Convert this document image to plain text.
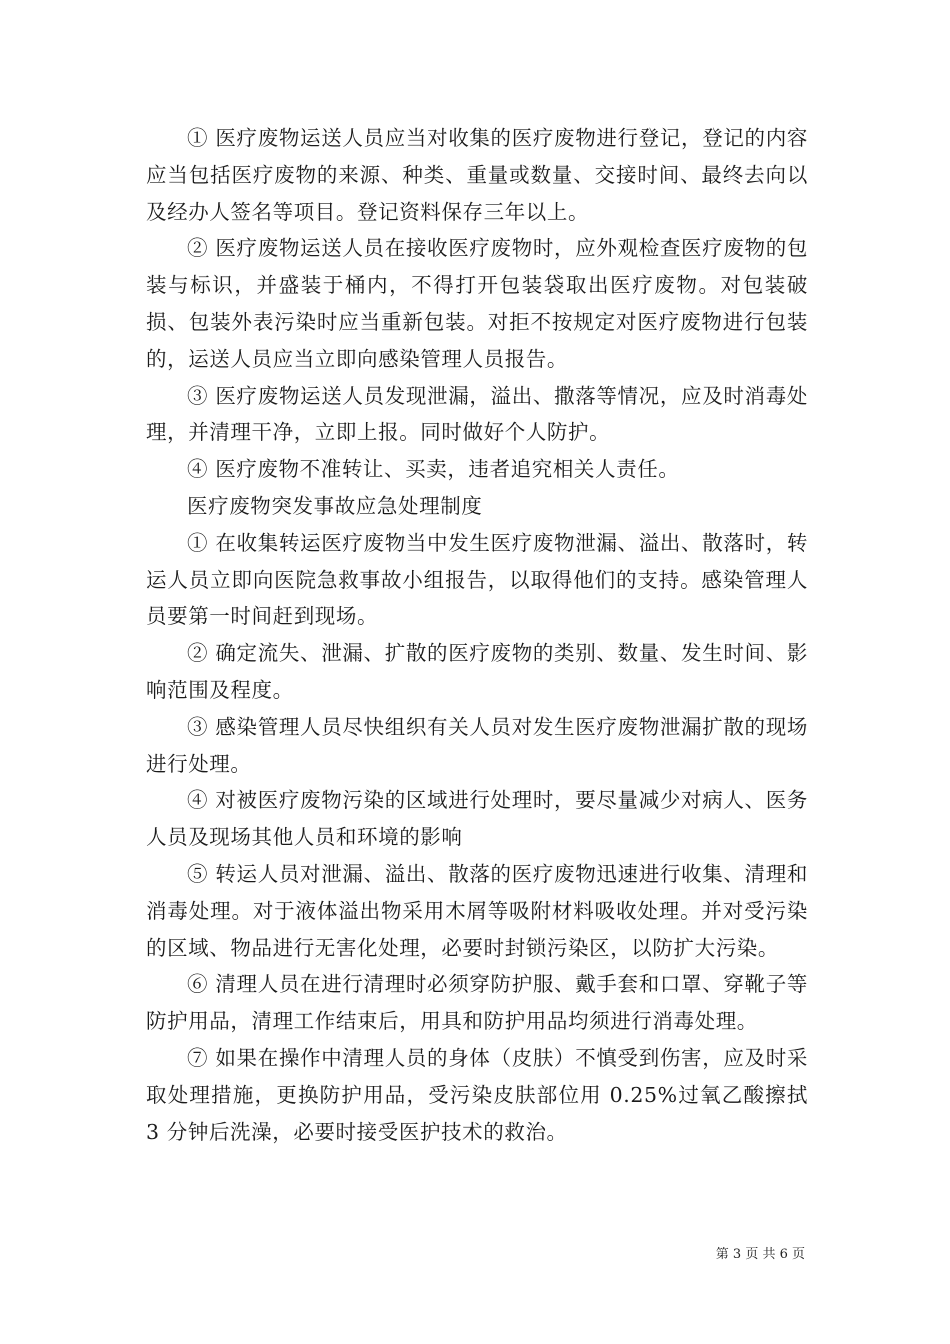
① 医疗废物运送人员应当对收集的医疗废物进行登记，登记的内容应当包括医疗废物的来源、种类、重量或数量、交接时间、最终去向以及经办人签名等项目。登记资料保存三年以上。

② 医疗废物运送人员在接收医疗废物时，应外观检查医疗废物的包装与标识，并盛装于桶内，不得打开包装袋取出医疗废物。对包装破损、包装外表污染时应当重新包装。对拒不按规定对医疗废物进行包装的，运送人员应当立即向感染管理人员报告。

③ 医疗废物运送人员发现泄漏，溢出、撒落等情况，应及时消毒处理，并清理干净，立即上报。同时做好个人防护。

④ 医疗废物不准转让、买卖，违者追究相关人责任。

医疗废物突发事故应急处理制度

① 在收集转运医疗废物当中发生医疗废物泄漏、溢出、散落时，转运人员立即向医院急救事故小组报告，以取得他们的支持。感染管理人员要第一时间赶到现场。

② 确定流失、泄漏、扩散的医疗废物的类别、数量、发生时间、影响范围及程度。

③ 感染管理人员尽快组织有关人员对发生医疗废物泄漏扩散的现场进行处理。

④ 对被医疗废物污染的区域进行处理时，要尽量减少对病人、医务人员及现场其他人员和环境的影响

⑤ 转运人员对泄漏、溢出、散落的医疗废物迅速进行收集、清理和消毒处理。对于液体溢出物采用木屑等吸附材料吸收处理。并对受污染的区域、物品进行无害化处理，必要时封锁污染区，以防扩大污染。

⑥ 清理人员在进行清理时必须穿防护服、戴手套和口罩、穿靴子等防护用品，清理工作结束后，用具和防护用品均须进行消毒处理。

⑦ 如果在操作中清理人员的身体（皮肤）不慎受到伤害，应及时采取处理措施，更换防护用品，受污染皮肤部位用 0.25%过氧乙酸擦拭 3 分钟后洗澡，必要时接受医护技术的救治。

第 3 页 共 6 页
